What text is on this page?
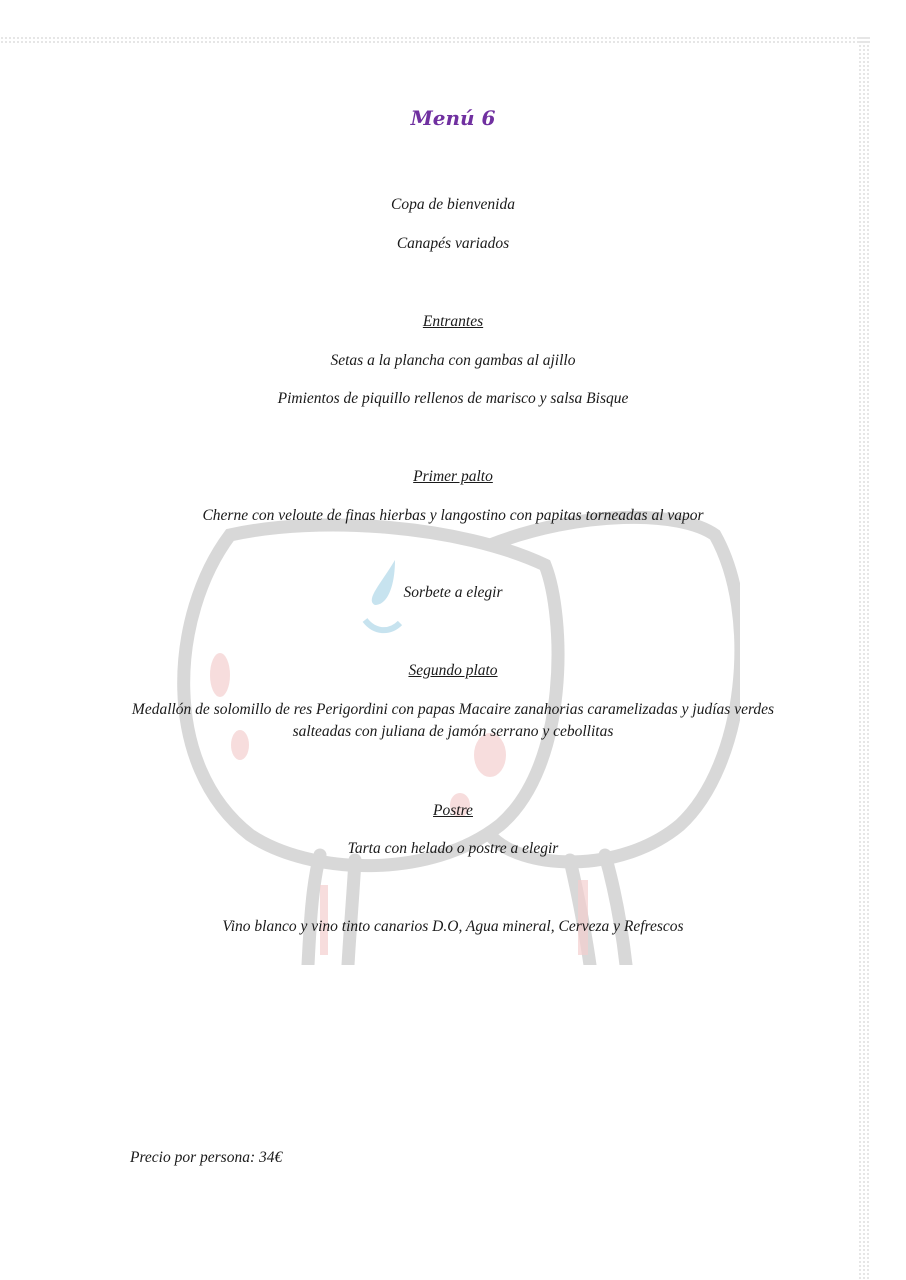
Menú 6

Copa de bienvenida

Canapés variados

Entrantes

Setas a la plancha con gambas al ajillo

Pimientos de piquillo rellenos de marisco y salsa Bisque

Primer palto

Cherne con veloute de finas hierbas y langostino con papitas torneadas al vapor

Sorbete a elegir

Segundo plato

Medallón de solomillo de res Perigordini con papas Macaire zanahorias caramelizadas y judías verdes salteadas con juliana de jamón serrano y cebollitas

Postre

Tarta con helado o postre a elegir

Vino blanco y vino tinto canarios D.O, Agua mineral, Cerveza y Refrescos

Precio por persona: 34€
